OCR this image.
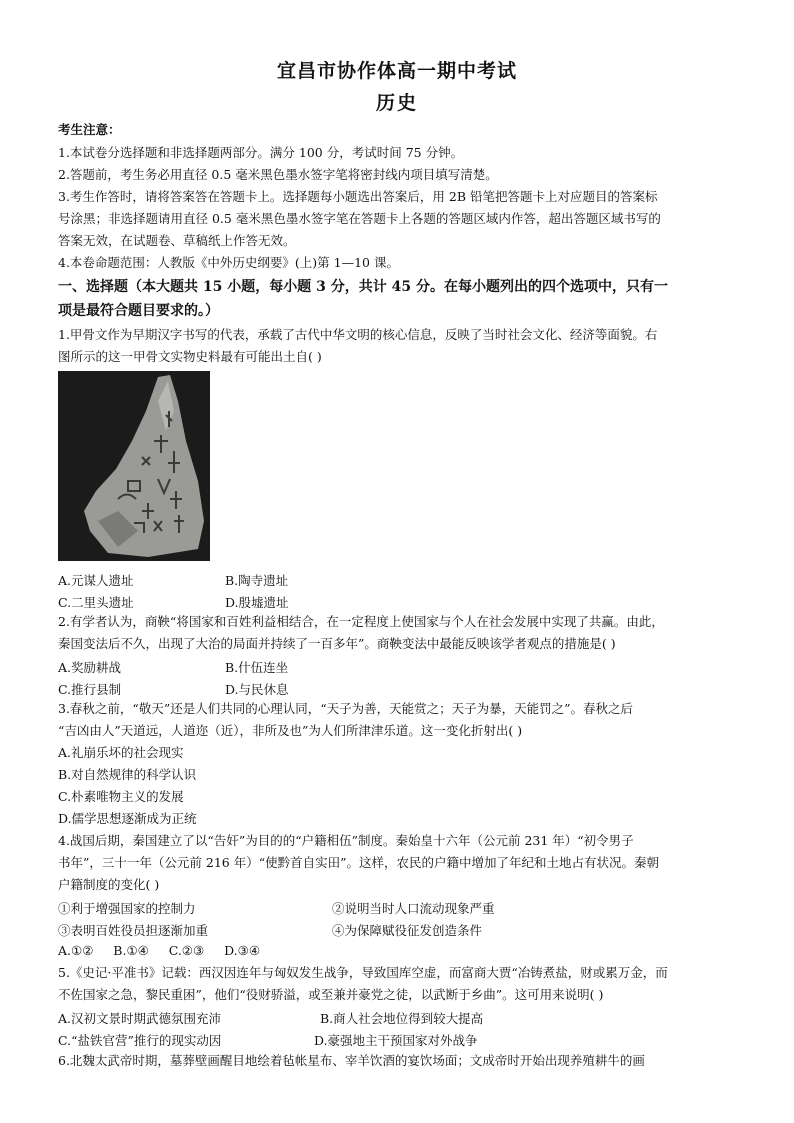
宜昌市协作体高一期中考试
历史
考生注意：
1.本试卷分选择题和非选择题两部分。满分 100 分，考试时间 75 分钟。
2.答题前，考生务必用直径 0.5 毫米黑色墨水签字笔将密封线内项目填写清楚。
3.考生作答时，请将答案答在答题卡上。选择题每小题选出答案后，用 2B 铅笔把答题卡上对应题目的答案标
号涂黑；非选择题请用直径 0.5 毫米黑色墨水签字笔在答题卡上各题的答题区域内作答，超出答题区域书写的
答案无效，在试题卷、草稿纸上作答无效。
4.本卷命题范围：人教版《中外历史纲要》(上)第 1—10 课。
一、选择题（本大题共 15 小题，每小题 3 分，共计 45 分。在每小题列出的四个选项中，只有一
项是最符合题目要求的。）
1.甲骨文作为早期汉字书写的代表，承载了古代中华文明的核心信息，反映了当时社会文化、经济等面貌。右
图所示的这一甲骨文实物史料最有可能出土自( )
A.元谋人遗址	B.陶寺遗址
C.二里头遗址	D.殷墟遗址
2.有学者认为，商鞅“将国家和百姓利益相结合，在一定程度上使国家与个人在社会发展中实现了共赢。由此，
秦国变法后不久，出现了大治的局面并持续了一百多年”。商鞅变法中最能反映该学者观点的措施是( )
A.奖励耕战	B.什伍连坐
C.推行县制	D.与民休息
3.春秋之前，“敬天”还是人们共同的心理认同，“天子为善，天能赏之；天子为暴，天能罚之”。春秋之后
“吉凶由人”天道远，人道迩（近），非所及也”为人们所津津乐道。这一变化折射出( )
A.礼崩乐坏的社会现实
B.对自然规律的科学认识
C.朴素唯物主义的发展
D.儒学思想逐渐成为正统
4.战国后期，秦国建立了以“告奸”为目的的“户籍相伍”制度。秦始皇十六年（公元前 231 年）“初令男子
书年”，三十一年（公元前 216 年）“使黔首自实田”。这样，农民的户籍中增加了年纪和土地占有状况。秦朝
户籍制度的变化( )
①利于增强国家的控制力	②说明当时人口流动现象严重
③表明百姓役员担逐渐加重	④为保障赋役征发创造条件
A.①②     B.①④     C.②③     D.③④
5.《史记·平准书》记载：西汉因连年与匈奴发生战争，导致国库空虚，而富商大贾“冶铸煮盐，财或累万金，而
不佐国家之急，黎民重困”，他们“役财骄溢，或至兼并豪党之徒，以武断于乡曲”。这可用来说明( )
A.汉初文景时期武德氛围充沛	B.商人社会地位得到较大提高
C.“盐铁官营”推行的现实动因	D.豪强地主干预国家对外战争
6.北魏太武帝时期，墓葬壁画醒目地绘着毡帐星布、宰羊饮酒的宴饮场面；文成帝时开始出现养殖耕牛的画
